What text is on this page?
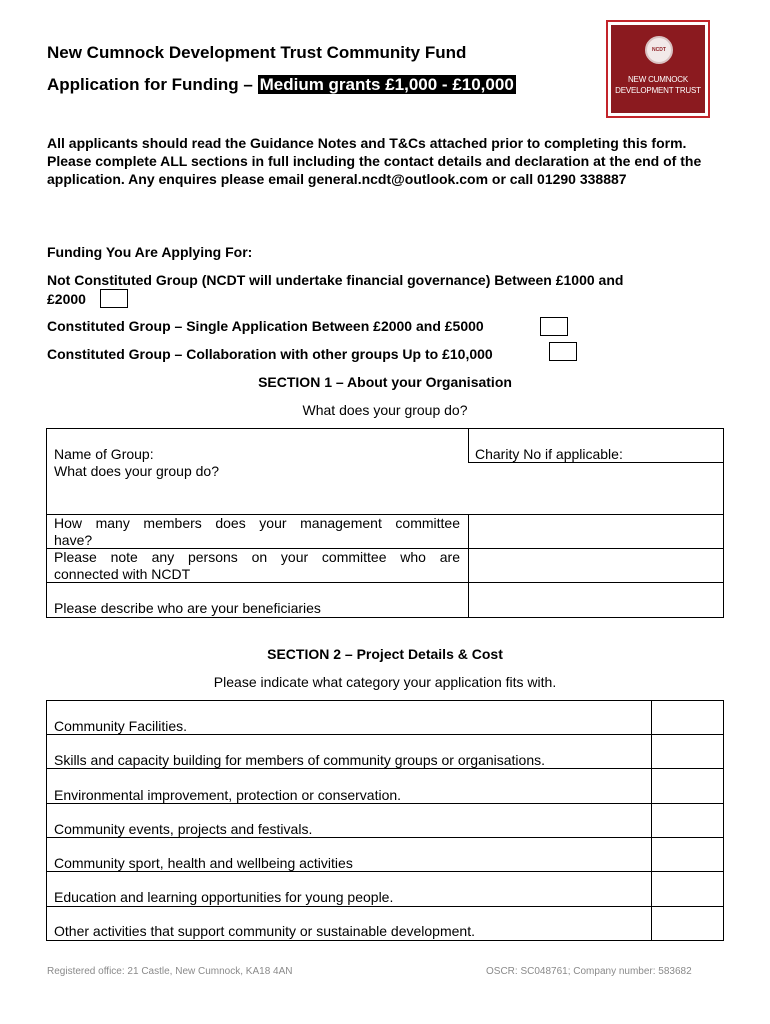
New Cumnock Development Trust Community Fund
Application for Funding – Medium grants £1,000 - £10,000
NCDT
NEW CUMNOCK
DEVELOPMENT TRUST
All applicants should read the Guidance Notes and T&Cs attached prior to completing this form. Please complete ALL sections in full including the contact details and declaration at the end of the application. Any enquires please email general.ncdt@outlook.com or call 01290 338887
Funding You Are Applying For:
Not Constituted Group (NCDT will undertake financial governance) Between £1000 and
£2000
Constituted Group – Single Application Between £2000 and £5000
Constituted Group – Collaboration with other groups Up to £10,000
SECTION 1 – About your Organisation
What does your group do?
Name of Group:
What does your group do?
Charity No if applicable:
How many members does your management committee
have?
Please note any persons on your committee who are
connected with NCDT
Please describe who are your beneficiaries
SECTION 2 – Project Details & Cost
Please indicate what category your application fits with.
Community Facilities.
Skills and capacity building for members of community groups or organisations.
Environmental improvement, protection or conservation.
Community events, projects and festivals.
Community sport, health and wellbeing activities
Education and learning opportunities for young people.
Other activities that support community or sustainable development.
Registered office: 21 Castle, New Cumnock, KA18 4AN	OSCR: SC048761; Company number: 583682
